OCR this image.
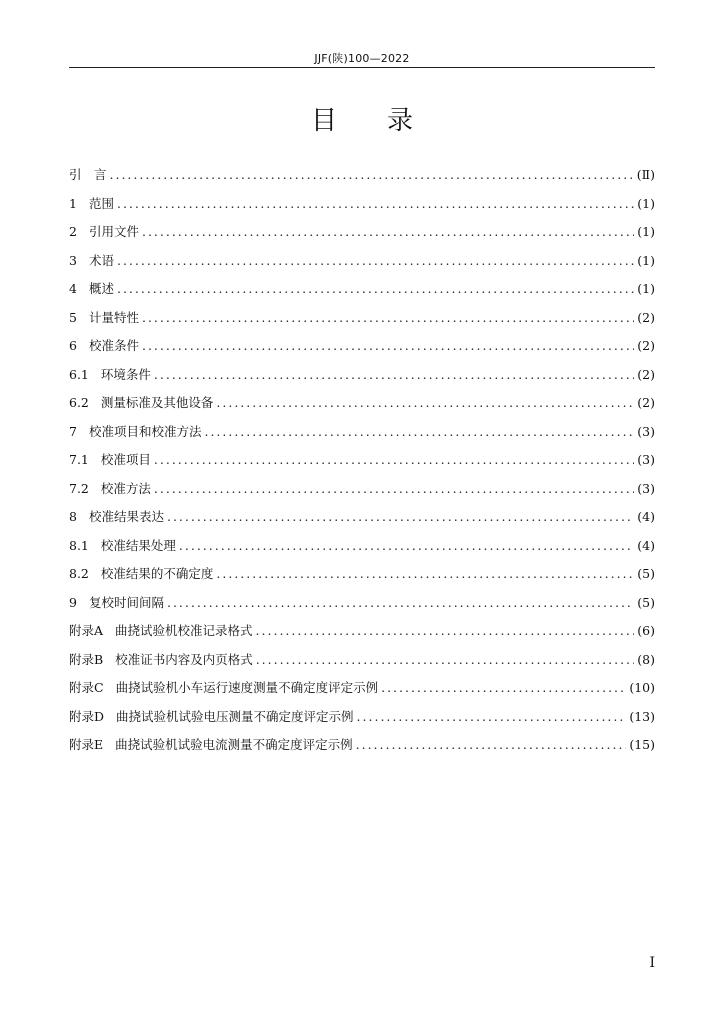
JJF(陕)100—2022
目录
引　言 .....	(Ⅱ)
1 范围 .....	(1)
2 引用文件 .....	(1)
3 术语 .....	(1)
4 概述 .....	(1)
5 计量特性 .....	(2)
6 校准条件 .....	(2)
6.1 环境条件 .....	(2)
6.2 测量标准及其他设备 .....	(2)
7 校准项目和校准方法 .....	(3)
7.1 校准项目 .....	(3)
7.2 校准方法 .....	(3)
8 校准结果表达 .....	(4)
8.1 校准结果处理 .....	(4)
8.2 校准结果的不确定度 .....	(5)
9 复校时间间隔 .....	(5)
附录A 曲挠试验机校准记录格式 .....	(6)
附录B 校准证书内容及内页格式 .....	(8)
附录C 曲挠试验机小车运行速度测量不确定度评定示例 .....	(10)
附录D 曲挠试验机试验电压测量不确定度评定示例 .....	(13)
附录E 曲挠试验机试验电流测量不确定度评定示例 .....	(15)
I
